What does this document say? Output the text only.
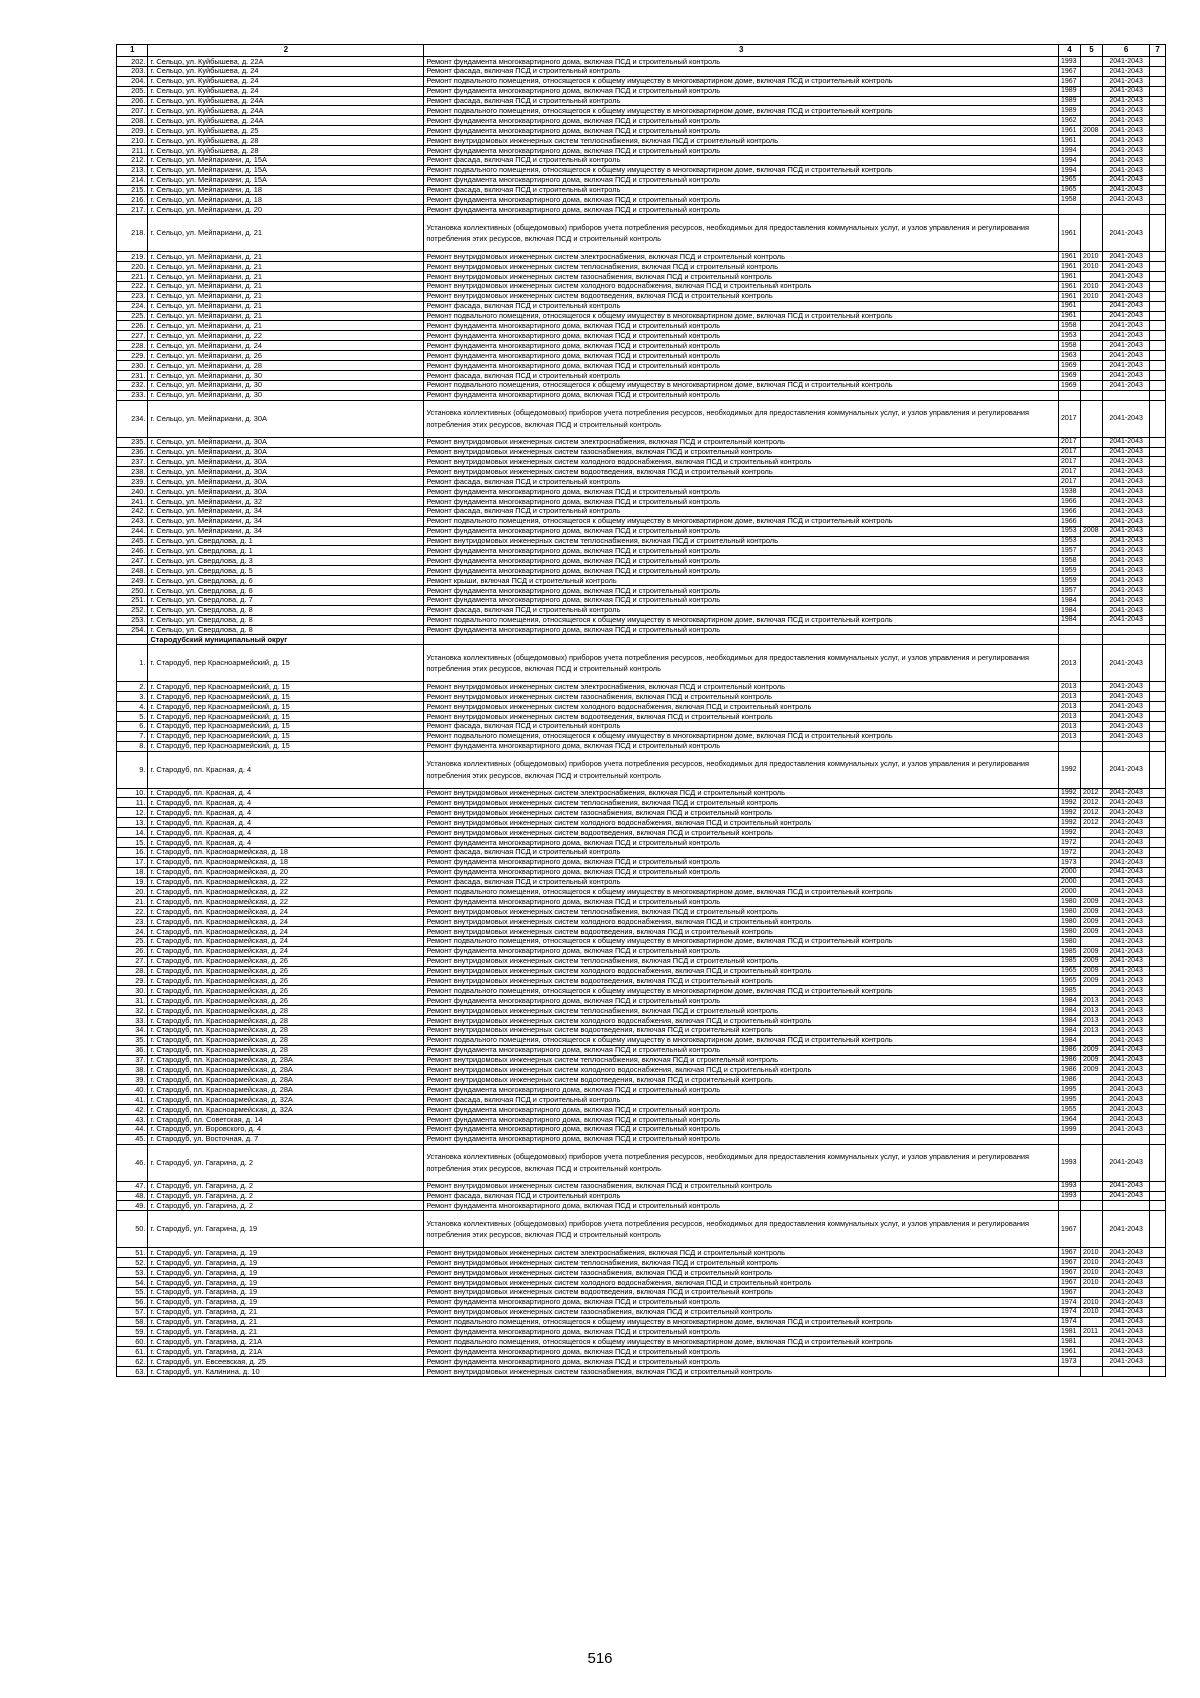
1	2	3	4	5	6	7
202.	г. Сельцо, ул. Куйбышева, д. 22А	Ремонт фундамента многоквартирного дома, включая ПСД и строительный контроль	1993		2041-2043	
203.	г. Сельцо, ул. Куйбышева, д. 24	Ремонт фасада, включая ПСД и строительный контроль	1967		2041-2043	
204.	г. Сельцо, ул. Куйбышева, д. 24	Ремонт подвального помещения, относящегося к общему имуществу в многоквартирном доме, включая ПСД и строительный контроль	1967		2041-2043	
205.	г. Сельцо, ул. Куйбышева, д. 24	Ремонт фундамента многоквартирного дома, включая ПСД и строительный контроль	1989		2041-2043	
206.	г. Сельцо, ул. Куйбышева, д. 24А	Ремонт фасада, включая ПСД и строительный контроль	1989		2041-2043	
207.	г. Сельцо, ул. Куйбышева, д. 24А	Ремонт подвального помещения, относящегося к общему имуществу в многоквартирном доме, включая ПСД и строительный контроль	1989		2041-2043	
208.	г. Сельцо, ул. Куйбышева, д. 24А	Ремонт фундамента многоквартирного дома, включая ПСД и строительный контроль	1962		2041-2043	
209.	г. Сельцо, ул. Куйбышева, д. 25	Ремонт фундамента многоквартирного дома, включая ПСД и строительный контроль	1961	2008	2041-2043	
210.	г. Сельцо, ул. Куйбышева, д. 28	Ремонт внутридомовых инженерных систем теплоснабжения, включая ПСД и строительный контроль	1961		2041-2043	
211.	г. Сельцо, ул. Куйбышева, д. 28	Ремонт фундамента многоквартирного дома, включая ПСД и строительный контроль	1994		2041-2043	
212.	г. Сельцо, ул. Мейпариани, д. 15А	Ремонт фасада, включая ПСД и строительный контроль	1994		2041-2043	
213.	г. Сельцо, ул. Мейпариани, д. 15А	Ремонт подвального помещения, относящегося к общему имуществу в многоквартирном доме, включая ПСД и строительный контроль	1994		2041-2043	
214.	г. Сельцо, ул. Мейпариани, д. 15А	Ремонт фундамента многоквартирного дома, включая ПСД и строительный контроль	1965		2041-2043	
215.	г. Сельцо, ул. Мейпариани, д. 18	Ремонт фасада, включая ПСД и строительный контроль	1965		2041-2043	
216.	г. Сельцо, ул. Мейпариани, д. 18	Ремонт фундамента многоквартирного дома, включая ПСД и строительный контроль	1958		2041-2043	
217.	г. Сельцо, ул. Мейпариани, д. 20	Ремонт фундамента многоквартирного дома, включая ПСД и строительный контроль				
218.	г. Сельцо, ул. Мейпариани, д. 21	Установка коллективных (общедомовых) приборов учета потребления ресурсов, необходимых для предоставления коммунальных услуг, и узлов управления и регулирования потребления этих ресурсов, включая ПСД и строительный контроль	1961		2041-2043	
219.	г. Сельцо, ул. Мейпариани, д. 21	Ремонт внутридомовых инженерных систем электроснабжения, включая ПСД и строительный контроль	1961	2010	2041-2043	
220.	г. Сельцо, ул. Мейпариани, д. 21	Ремонт внутридомовых инженерных систем теплоснабжения, включая ПСД и строительный контроль	1961	2010	2041-2043	
221.	г. Сельцо, ул. Мейпариани, д. 21	Ремонт внутридомовых инженерных систем газоснабжения, включая ПСД и строительный контроль	1961		2041-2043	
222.	г. Сельцо, ул. Мейпариани, д. 21	Ремонт внутридомовых инженерных систем холодного водоснабжения, включая ПСД и строительный контроль	1961	2010	2041-2043	
223.	г. Сельцо, ул. Мейпариани, д. 21	Ремонт внутридомовых инженерных систем водоотведения, включая ПСД и строительный контроль	1961	2010	2041-2043	
224.	г. Сельцо, ул. Мейпариани, д. 21	Ремонт фасада, включая ПСД и строительный контроль	1961		2041-2043	
225.	г. Сельцо, ул. Мейпариани, д. 21	Ремонт подвального помещения, относящегося к общему имуществу в многоквартирном доме, включая ПСД и строительный контроль	1961		2041-2043	
226.	г. Сельцо, ул. Мейпариани, д. 21	Ремонт фундамента многоквартирного дома, включая ПСД и строительный контроль	1958		2041-2043	
227.	г. Сельцо, ул. Мейпариани, д. 22	Ремонт фундамента многоквартирного дома, включая ПСД и строительный контроль	1953		2041-2043	
228.	г. Сельцо, ул. Мейпариани, д. 24	Ремонт фундамента многоквартирного дома, включая ПСД и строительный контроль	1958		2041-2043	
229.	г. Сельцо, ул. Мейпариани, д. 26	Ремонт фундамента многоквартирного дома, включая ПСД и строительный контроль	1963		2041-2043	
230.	г. Сельцо, ул. Мейпариани, д. 28	Ремонт фундамента многоквартирного дома, включая ПСД и строительный контроль	1969		2041-2043	
231.	г. Сельцо, ул. Мейпариани, д. 30	Ремонт фасада, включая ПСД и строительный контроль	1969		2041-2043	
232.	г. Сельцо, ул. Мейпариани, д. 30	Ремонт подвального помещения, относящегося к общему имуществу в многоквартирном доме, включая ПСД и строительный контроль	1969		2041-2043	
233.	г. Сельцо, ул. Мейпариани, д. 30	Ремонт фундамента многоквартирного дома, включая ПСД и строительный контроль				
234.	г. Сельцо, ул. Мейпариани, д. 30А	Установка коллективных (общедомовых) приборов учета потребления ресурсов, необходимых для предоставления коммунальных услуг, и узлов управления и регулирования потребления этих ресурсов, включая ПСД и строительный контроль	2017		2041-2043	
235.	г. Сельцо, ул. Мейпариани, д. 30А	Ремонт внутридомовых инженерных систем электроснабжения, включая ПСД и строительный контроль	2017		2041-2043	
236.	г. Сельцо, ул. Мейпариани, д. 30А	Ремонт внутридомовых инженерных систем газоснабжения, включая ПСД и строительный контроль	2017		2041-2043	
237.	г. Сельцо, ул. Мейпариани, д. 30А	Ремонт внутридомовых инженерных систем холодного водоснабжения, включая ПСД и строительный контроль	2017		2041-2043	
238.	г. Сельцо, ул. Мейпариани, д. 30А	Ремонт внутридомовых инженерных систем водоотведения, включая ПСД и строительный контроль	2017		2041-2043	
239.	г. Сельцо, ул. Мейпариани, д. 30А	Ремонт фасада, включая ПСД и строительный контроль	2017		2041-2043	
240.	г. Сельцо, ул. Мейпариани, д. 30А	Ремонт фундамента многоквартирного дома, включая ПСД и строительный контроль	1938		2041-2043	
241.	г. Сельцо, ул. Мейпариани, д. 32	Ремонт фундамента многоквартирного дома, включая ПСД и строительный контроль	1966		2041-2043	
242.	г. Сельцо, ул. Мейпариани, д. 34	Ремонт фасада, включая ПСД и строительный контроль	1966		2041-2043	
243.	г. Сельцо, ул. Мейпариани, д. 34	Ремонт подвального помещения, относящегося к общему имуществу в многоквартирном доме, включая ПСД и строительный контроль	1966		2041-2043	
244.	г. Сельцо, ул. Мейпариани, д. 34	Ремонт фундамента многоквартирного дома, включая ПСД и строительный контроль	1953	2008	2041-2043	
245.	г. Сельцо, ул. Свердлова, д. 1	Ремонт внутридомовых инженерных систем теплоснабжения, включая ПСД и строительный контроль	1953		2041-2043	
246.	г. Сельцо, ул. Свердлова, д. 1	Ремонт фундамента многоквартирного дома, включая ПСД и строительный контроль	1957		2041-2043	
247.	г. Сельцо, ул. Свердлова, д. 3	Ремонт фундамента многоквартирного дома, включая ПСД и строительный контроль	1958		2041-2043	
248.	г. Сельцо, ул. Свердлова, д. 5	Ремонт фундамента многоквартирного дома, включая ПСД и строительный контроль	1959		2041-2043	
249.	г. Сельцо, ул. Свердлова, д. 6	Ремонт крыши, включая ПСД и строительный контроль	1959		2041-2043	
250.	г. Сельцо, ул. Свердлова, д. 6	Ремонт фундамента многоквартирного дома, включая ПСД и строительный контроль	1957		2041-2043	
251.	г. Сельцо, ул. Свердлова, д. 7	Ремонт фундамента многоквартирного дома, включая ПСД и строительный контроль	1984		2041-2043	
252.	г. Сельцо, ул. Свердлова, д. 8	Ремонт фасада, включая ПСД и строительный контроль	1984		2041-2043	
253.	г. Сельцо, ул. Свердлова, д. 8	Ремонт подвального помещения, относящегося к общему имуществу в многоквартирном доме, включая ПСД и строительный контроль	1984		2041-2043	
254.	г. Сельцо, ул. Свердлова, д. 8	Ремонт фундамента многоквартирного дома, включая ПСД и строительный контроль				
	Стародубский муниципальный округ					
1.	г. Стародуб, пер Красноармейский, д. 15	Установка коллективных (общедомовых) приборов учета потребления ресурсов, необходимых для предоставления коммунальных услуг, и узлов управления и регулирования потребления этих ресурсов, включая ПСД и строительный контроль	2013		2041-2043	
2.	г. Стародуб, пер Красноармейский, д. 15	Ремонт внутридомовых инженерных систем электроснабжения, включая ПСД и строительный контроль	2013		2041-2043	
3.	г. Стародуб, пер Красноармейский, д. 15	Ремонт внутридомовых инженерных систем газоснабжения, включая ПСД и строительный контроль	2013		2041-2043	
4.	г. Стародуб, пер Красноармейский, д. 15	Ремонт внутридомовых инженерных систем холодного водоснабжения, включая ПСД и строительный контроль	2013		2041-2043	
5.	г. Стародуб, пер Красноармейский, д. 15	Ремонт внутридомовых инженерных систем водоотведения, включая ПСД и строительный контроль	2013		2041-2043	
6.	г. Стародуб, пер Красноармейский, д. 15	Ремонт фасада, включая ПСД и строительный контроль	2013		2041-2043	
7.	г. Стародуб, пер Красноармейский, д. 15	Ремонт подвального помещения, относящегося к общему имуществу в многоквартирном доме, включая ПСД и строительный контроль	2013		2041-2043	
8.	г. Стародуб, пер Красноармейский, д. 15	Ремонт фундамента многоквартирного дома, включая ПСД и строительный контроль				
9.	г. Стародуб, пл. Красная, д. 4	Установка коллективных (общедомовых) приборов учета потребления ресурсов, необходимых для предоставления коммунальных услуг, и узлов управления и регулирования потребления этих ресурсов, включая ПСД и строительный контроль	1992		2041-2043	
10.	г. Стародуб, пл. Красная, д. 4	Ремонт внутридомовых инженерных систем электроснабжения, включая ПСД и строительный контроль	1992	2012	2041-2043	
11.	г. Стародуб, пл. Красная, д. 4	Ремонт внутридомовых инженерных систем теплоснабжения, включая ПСД и строительный контроль	1992	2012	2041-2043	
12.	г. Стародуб, пл. Красная, д. 4	Ремонт внутридомовых инженерных систем газоснабжения, включая ПСД и строительный контроль	1992	2012	2041-2043	
13.	г. Стародуб, пл. Красная, д. 4	Ремонт внутридомовых инженерных систем холодного водоснабжения, включая ПСД и строительный контроль	1992	2012	2041-2043	
14.	г. Стародуб, пл. Красная, д. 4	Ремонт внутридомовых инженерных систем водоотведения, включая ПСД и строительный контроль	1992		2041-2043	
15.	г. Стародуб, пл. Красная, д. 4	Ремонт фундамента многоквартирного дома, включая ПСД и строительный контроль	1972		2041-2043	
16.	г. Стародуб, пл. Красноармейская, д. 18	Ремонт фасада, включая ПСД и строительный контроль	1972		2041-2043	
17.	г. Стародуб, пл. Красноармейская, д. 18	Ремонт фундамента многоквартирного дома, включая ПСД и строительный контроль	1973		2041-2043	
18.	г. Стародуб, пл. Красноармейская, д. 20	Ремонт фундамента многоквартирного дома, включая ПСД и строительный контроль	2000		2041-2043	
19.	г. Стародуб, пл. Красноармейская, д. 22	Ремонт фасада, включая ПСД и строительный контроль	2000		2041-2043	
20.	г. Стародуб, пл. Красноармейская, д. 22	Ремонт подвального помещения, относящегося к общему имуществу в многоквартирном доме, включая ПСД и строительный контроль	2000		2041-2043	
21.	г. Стародуб, пл. Красноармейская, д. 22	Ремонт фундамента многоквартирного дома, включая ПСД и строительный контроль	1980	2009	2041-2043	
22.	г. Стародуб, пл. Красноармейская, д. 24	Ремонт внутридомовых инженерных систем теплоснабжения, включая ПСД и строительный контроль	1980	2009	2041-2043	
23.	г. Стародуб, пл. Красноармейская, д. 24	Ремонт внутридомовых инженерных систем холодного водоснабжения, включая ПСД и строительный контроль	1980	2009	2041-2043	
24.	г. Стародуб, пл. Красноармейская, д. 24	Ремонт внутридомовых инженерных систем водоотведения, включая ПСД и строительный контроль	1980	2009	2041-2043	
25.	г. Стародуб, пл. Красноармейская, д. 24	Ремонт подвального помещения, относящегося к общему имуществу в многоквартирном доме, включая ПСД и строительный контроль	1980		2041-2043	
26.	г. Стародуб, пл. Красноармейская, д. 24	Ремонт фундамента многоквартирного дома, включая ПСД и строительный контроль	1985	2009	2041-2043	
27.	г. Стародуб, пл. Красноармейская, д. 26	Ремонт внутридомовых инженерных систем теплоснабжения, включая ПСД и строительный контроль	1985	2009	2041-2043	
28.	г. Стародуб, пл. Красноармейская, д. 26	Ремонт внутридомовых инженерных систем холодного водоснабжения, включая ПСД и строительный контроль	1965	2009	2041-2043	
29.	г. Стародуб, пл. Красноармейская, д. 26	Ремонт внутридомовых инженерных систем водоотведения, включая ПСД и строительный контроль	1965	2009	2041-2043	
30.	г. Стародуб, пл. Красноармейская, д. 26	Ремонт подвального помещения, относящегося к общему имуществу в многоквартирном доме, включая ПСД и строительный контроль	1985		2041-2043	
31.	г. Стародуб, пл. Красноармейская, д. 26	Ремонт фундамента многоквартирного дома, включая ПСД и строительный контроль	1984	2013	2041-2043	
32.	г. Стародуб, пл. Красноармейская, д. 28	Ремонт внутридомовых инженерных систем теплоснабжения, включая ПСД и строительный контроль	1984	2013	2041-2043	
33.	г. Стародуб, пл. Красноармейская, д. 28	Ремонт внутридомовых инженерных систем холодного водоснабжения, включая ПСД и строительный контроль	1984	2013	2041-2043	
34.	г. Стародуб, пл. Красноармейская, д. 28	Ремонт внутридомовых инженерных систем водоотведения, включая ПСД и строительный контроль	1984	2013	2041-2043	
35.	г. Стародуб, пл. Красноармейская, д. 28	Ремонт подвального помещения, относящегося к общему имуществу в многоквартирном доме, включая ПСД и строительный контроль	1984		2041-2043	
36.	г. Стародуб, пл. Красноармейская, д. 28	Ремонт фундамента многоквартирного дома, включая ПСД и строительный контроль	1986	2009	2041-2043	
37.	г. Стародуб, пл. Красноармейская, д. 28А	Ремонт внутридомовых инженерных систем теплоснабжения, включая ПСД и строительный контроль	1986	2009	2041-2043	
38.	г. Стародуб, пл. Красноармейская, д. 28А	Ремонт внутридомовых инженерных систем холодного водоснабжения, включая ПСД и строительный контроль	1986	2009	2041-2043	
39.	г. Стародуб, пл. Красноармейская, д. 28А	Ремонт внутридомовых инженерных систем водоотведения, включая ПСД и строительный контроль	1986		2041-2043	
40.	г. Стародуб, пл. Красноармейская, д. 28А	Ремонт фундамента многоквартирного дома, включая ПСД и строительный контроль	1995		2041-2043	
41.	г. Стародуб, пл. Красноармейская, д. 32А	Ремонт фасада, включая ПСД и строительный контроль	1995		2041-2043	
42.	г. Стародуб, пл. Красноармейская, д. 32А	Ремонт фундамента многоквартирного дома, включая ПСД и строительный контроль	1955		2041-2043	
43.	г. Стародуб, пл. Советская, д. 14	Ремонт фундамента многоквартирного дома, включая ПСД и строительный контроль	1964		2041-2043	
44.	г. Стародуб, ул. Воровского, д. 4	Ремонт фундамента многоквартирного дома, включая ПСД и строительный контроль	1999		2041-2043	
45.	г. Стародуб, ул. Восточная, д. 7	Ремонт фундамента многоквартирного дома, включая ПСД и строительный контроль				
46.	г. Стародуб, ул. Гагарина, д. 2	Установка коллективных (общедомовых) приборов учета потребления ресурсов, необходимых для предоставления коммунальных услуг, и узлов управления и регулирования потребления этих ресурсов, включая ПСД и строительный контроль	1993		2041-2043	
47.	г. Стародуб, ул. Гагарина, д. 2	Ремонт внутридомовых инженерных систем газоснабжения, включая ПСД и строительный контроль	1993		2041-2043	
48.	г. Стародуб, ул. Гагарина, д. 2	Ремонт фасада, включая ПСД и строительный контроль	1993		2041-2043	
49.	г. Стародуб, ул. Гагарина, д. 2	Ремонт фундамента многоквартирного дома, включая ПСД и строительный контроль				
50.	г. Стародуб, ул. Гагарина, д. 19	Установка коллективных (общедомовых) приборов учета потребления ресурсов, необходимых для предоставления коммунальных услуг, и узлов управления и регулирования потребления этих ресурсов, включая ПСД и строительный контроль	1967		2041-2043	
51.	г. Стародуб, ул. Гагарина, д. 19	Ремонт внутридомовых инженерных систем электроснабжения, включая ПСД и строительный контроль	1967	2010	2041-2043	
52.	г. Стародуб, ул. Гагарина, д. 19	Ремонт внутридомовых инженерных систем теплоснабжения, включая ПСД и строительный контроль	1967	2010	2041-2043	
53.	г. Стародуб, ул. Гагарина, д. 19	Ремонт внутридомовых инженерных систем газоснабжения, включая ПСД и строительный контроль	1967	2010	2041-2043	
54.	г. Стародуб, ул. Гагарина, д. 19	Ремонт внутридомовых инженерных систем холодного водоснабжения, включая ПСД и строительный контроль	1967	2010	2041-2043	
55.	г. Стародуб, ул. Гагарина, д. 19	Ремонт внутридомовых инженерных систем водоотведения, включая ПСД и строительный контроль	1967		2041-2043	
56.	г. Стародуб, ул. Гагарина, д. 19	Ремонт фундамента многоквартирного дома, включая ПСД и строительный контроль	1974	2010	2041-2043	
57.	г. Стародуб, ул. Гагарина, д. 21	Ремонт внутридомовых инженерных систем газоснабжения, включая ПСД и строительный контроль	1974	2010	2041-2043	
58.	г. Стародуб, ул. Гагарина, д. 21	Ремонт подвального помещения, относящегося к общему имуществу в многоквартирном доме, включая ПСД и строительный контроль	1974		2041-2043	
59.	г. Стародуб, ул. Гагарина, д. 21	Ремонт фундамента многоквартирного дома, включая ПСД и строительный контроль	1981	2011	2041-2043	
60.	г. Стародуб, ул. Гагарина, д. 21А	Ремонт подвального помещения, относящегося к общему имуществу в многоквартирном доме, включая ПСД и строительный контроль	1981		2041-2043	
61.	г. Стародуб, ул. Гагарина, д. 21А	Ремонт фундамента многоквартирного дома, включая ПСД и строительный контроль	1961		2041-2043	
62.	г. Стародуб, ул. Евсеевская, д. 25	Ремонт фундамента многоквартирного дома, включая ПСД и строительный контроль	1973		2041-2043	
63.	г. Стародуб, ул. Калинина, д. 10	Ремонт внутридомовых инженерных систем газоснабжения, включая ПСД и строительный контроль				
516
